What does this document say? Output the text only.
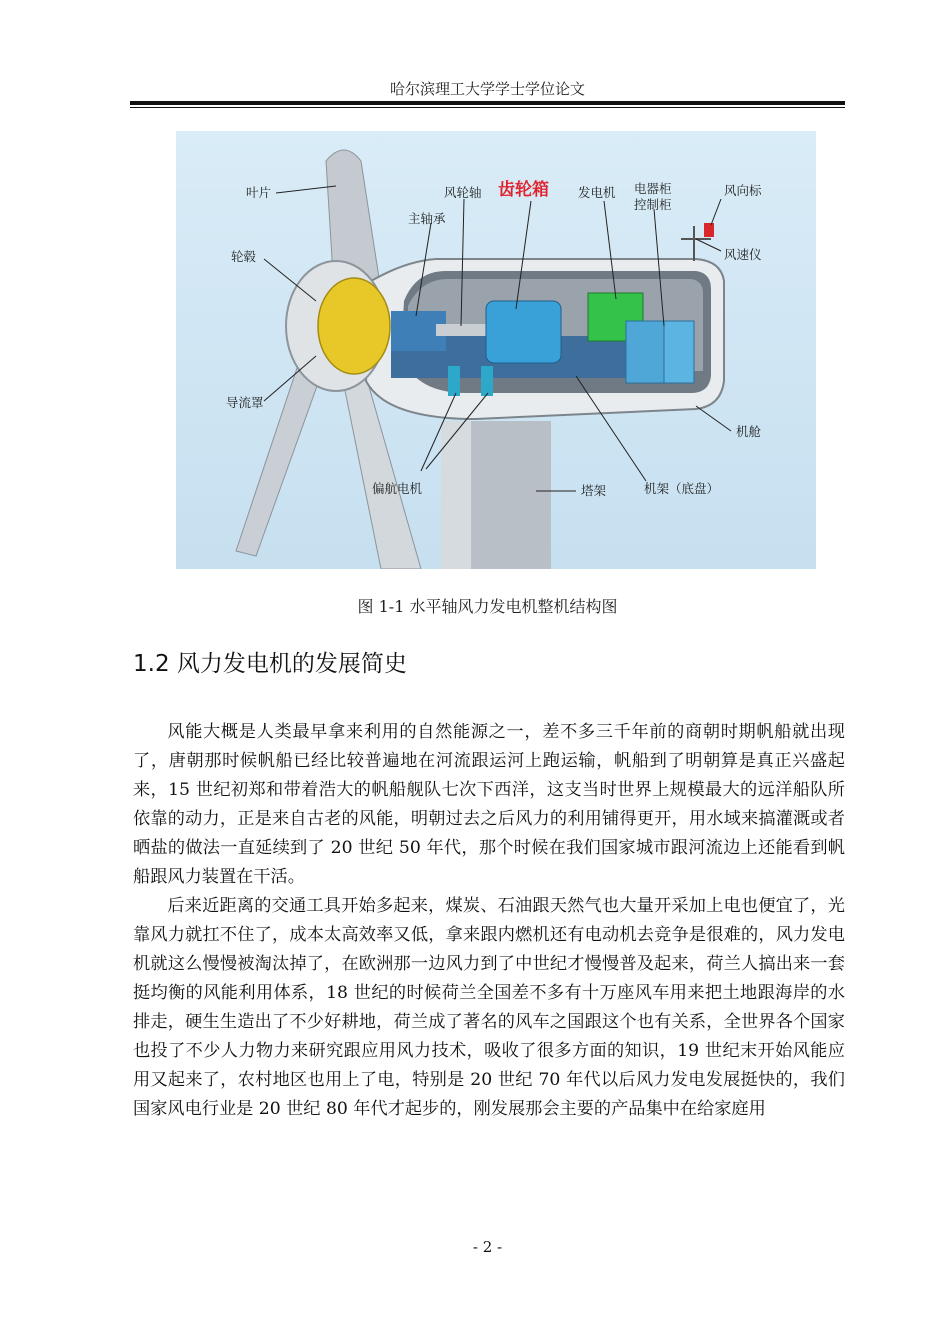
哈尔滨理工大学学士学位论文
叶片
主轴承
风轮轴 齿轮箱 发电机 电器柜
控制柜
风向标
风速仪
轮毂
导流罩
机舱
偏航电机	塔架	机架（底盘）
图 1-1 水平轴风力发电机整机结构图
1.2 风力发电机的发展简史

风能大概是人类最早拿来利用的自然能源之一，差不多三千年前的商朝时期帆船就出现了，唐朝那时候帆船已经比较普遍地在河流跟运河上跑运输，帆船到了明朝算是真正兴盛起来，15 世纪初郑和带着浩大的帆船舰队七次下西洋，这支当时世界上规模最大的远洋船队所依靠的动力，正是来自古老的风能，明朝过去之后风力的利用铺得更开，用水域来搞灌溉或者晒盐的做法一直延续到了 20 世纪 50 年代，那个时候在我们国家城市跟河流边上还能看到帆船跟风力装置在干活。

后来近距离的交通工具开始多起来，煤炭、石油跟天然气也大量开采加上电也便宜了，光靠风力就扛不住了，成本太高效率又低，拿来跟内燃机还有电动机去竞争是很难的，风力发电机就这么慢慢被淘汰掉了，在欧洲那一边风力到了中世纪才慢慢普及起来，荷兰人搞出来一套挺均衡的风能利用体系，18 世纪的时候荷兰全国差不多有十万座风车用来把土地跟海岸的水排走，硬生生造出了不少好耕地，荷兰成了著名的风车之国跟这个也有关系，全世界各个国家也投了不少人力物力来研究跟应用风力技术，吸收了很多方面的知识，19 世纪末开始风能应用又起来了，农村地区也用上了电，特别是 20 世纪 70 年代以后风力发电发展挺快的，我们国家风电行业是 20 世纪 80 年代才起步的，刚发展那会主要的产品集中在给家庭用

- 2 -
